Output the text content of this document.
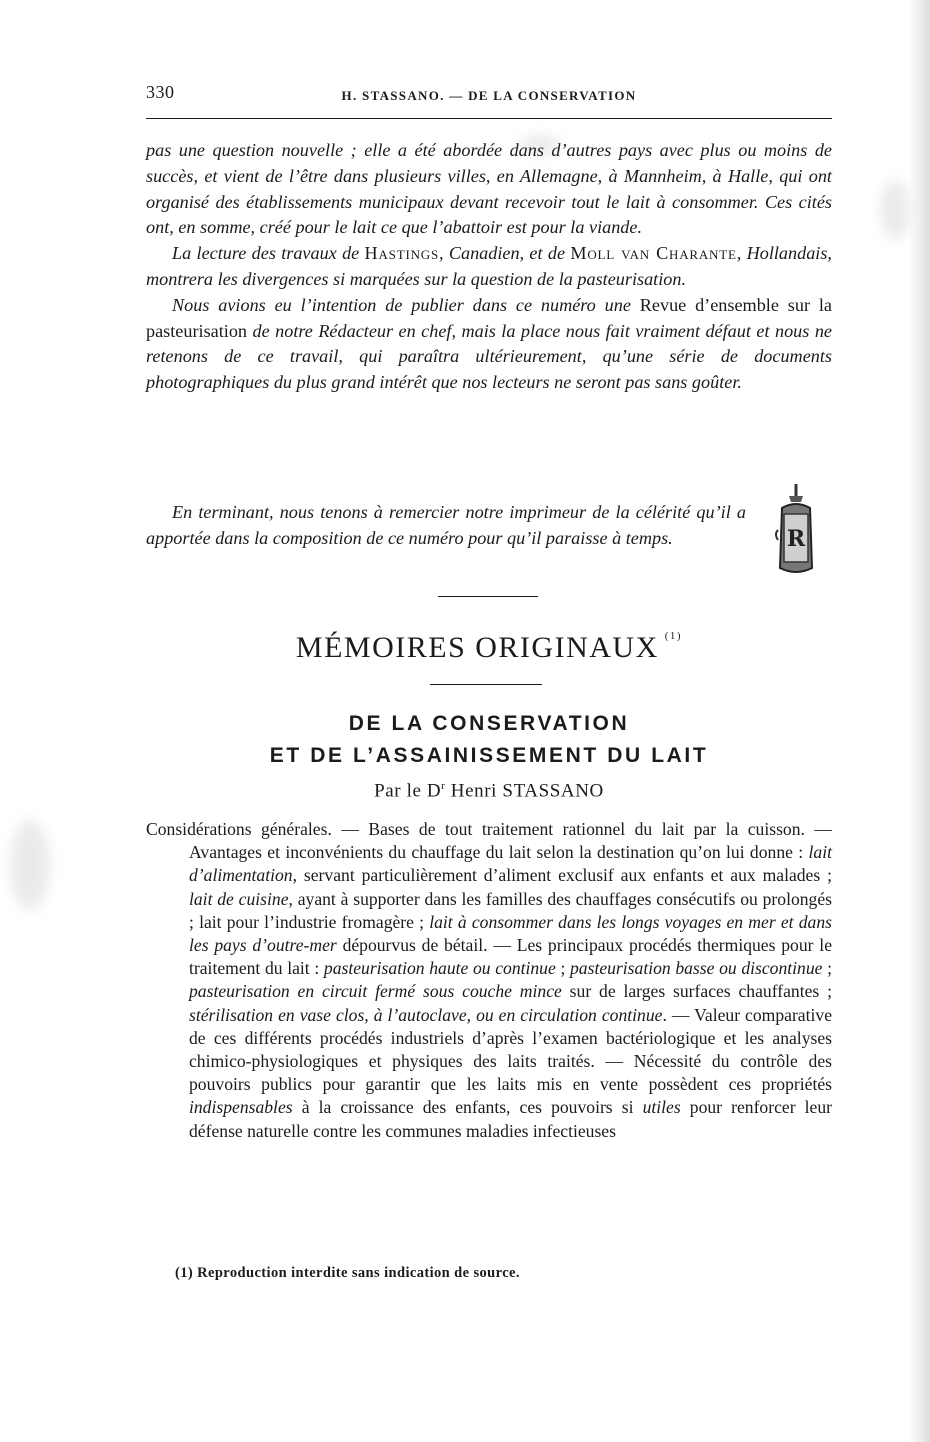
330	H. STASSANO. — DE LA CONSERVATION

pas une question nouvelle ; elle a été abordée dans d’autres pays avec plus ou moins de succès, et vient de l’être dans plusieurs villes, en Allemagne, à Mannheim, à Halle, qui ont organisé des établissements municipaux devant recevoir tout le lait à consommer. Ces cités ont, en somme, créé pour le lait ce que l’abattoir est pour la viande.

La lecture des travaux de Hastings, Canadien, et de Moll van Charante, Hollandais, montrera les divergences si marquées sur la question de la pasteurisation.

Nous avions eu l’intention de publier dans ce numéro une Revue d’ensemble sur la pasteurisation de notre Rédacteur en chef, mais la place nous fait vraiment défaut et nous ne retenons de ce travail, qui paraîtra ultérieurement, qu’une série de documents photographiques du plus grand intérêt que nos lecteurs ne seront pas sans goûter.

En terminant, nous tenons à remercier notre imprimeur de la célérité qu’il a apportée dans la composition de ce numéro pour qu’il paraisse à temps.	R
MÉMOIRES ORIGINAUX $^{(1)}$
DE LA CONSERVATION
ET DE L’ASSAINISSEMENT DU LAIT
Par le $D^r$ Henri STASSANO

Considérations générales. — Bases de tout traitement rationnel du lait par la cuisson. — Avantages et inconvénients du chauffage du lait selon la destination qu’on lui donne : lait d’alimentation, servant particulièrement d’aliment exclusif aux enfants et aux malades ; lait de cuisine, ayant à supporter dans les familles des chauffages consécutifs ou prolongés ; lait pour l’industrie fromagère ; lait à consommer dans les longs voyages en mer et dans les pays d’outre-mer dépourvus de bétail. — Les principaux procédés thermiques pour le traitement du lait : pasteurisation haute ou continue ; pasteurisation basse ou discontinue ; pasteurisation en circuit fermé sous couche mince sur de larges surfaces chauffantes ; stérilisation en vase clos, à l’autoclave, ou en circulation continue. — Valeur comparative de ces différents procédés industriels d’après l’examen bactériologique et les analyses chimico-physiologiques et physiques des laits traités. — Nécessité du contrôle des pouvoirs publics pour garantir que les laits mis en vente possèdent ces propriétés indispensables à la croissance des enfants, ces pouvoirs si utiles pour renforcer leur défense naturelle contre les communes maladies infectieuses

(1) Reproduction interdite sans indication de source.
